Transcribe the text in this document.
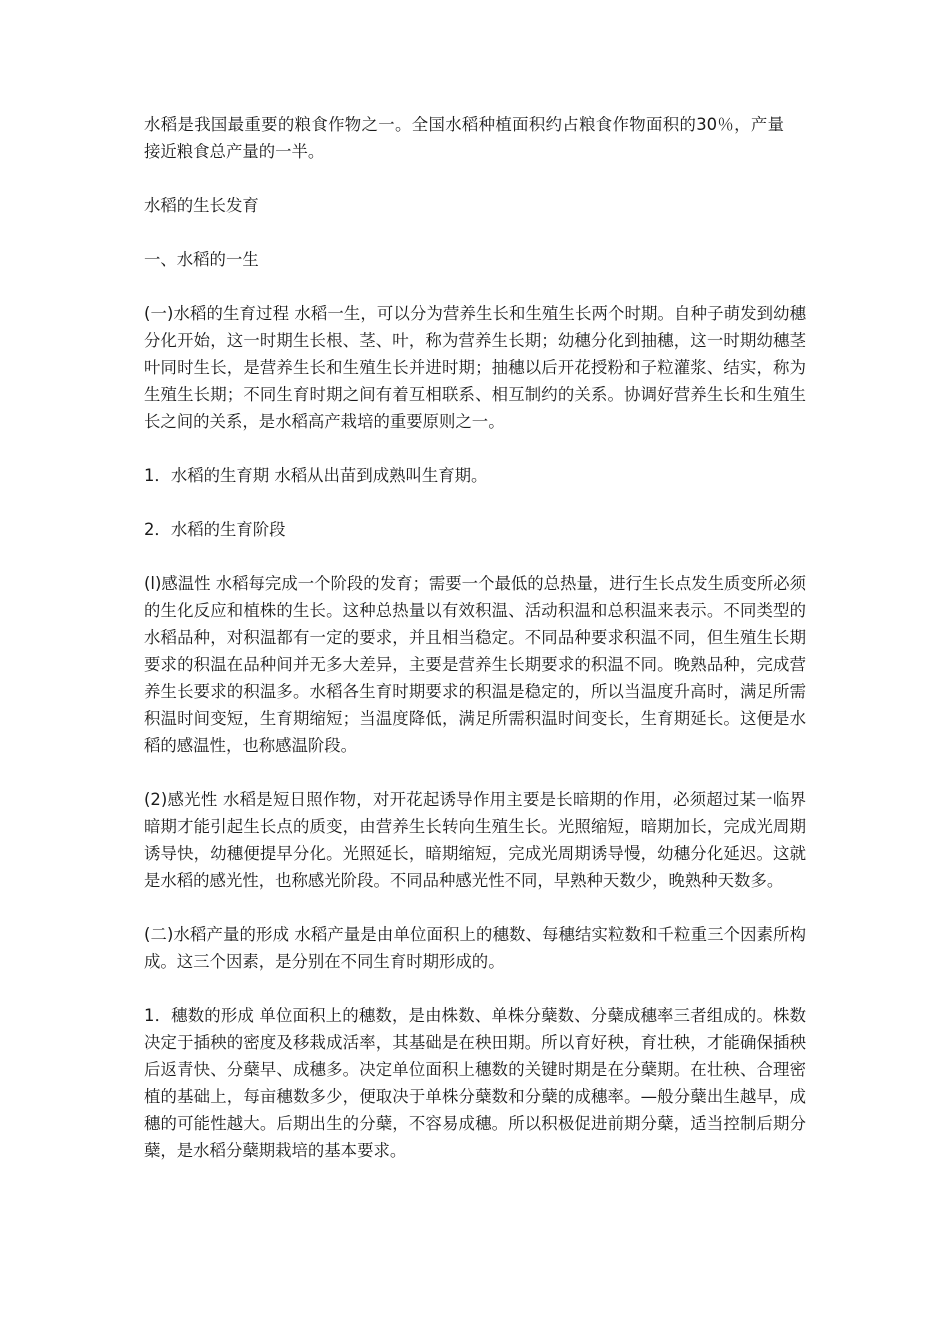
水稻是我国最重要的粮食作物之一。全国水稻种植面积约占粮食作物面积的30％，产量接近粮食总产量的一半。

水稻的生长发育

一、水稻的一生

(一)水稻的生育过程 水稻一生，可以分为营养生长和生殖生长两个时期。自种子萌发到幼穗分化开始，这一时期生长根、茎、叶，称为营养生长期；幼穗分化到抽穗，这一时期幼穗茎叶同时生长，是营养生长和生殖生长并进时期；抽穗以后开花授粉和子粒灌浆、结实，称为生殖生长期；不同生育时期之间有着互相联系、相互制约的关系。协调好营养生长和生殖生长之间的关系，是水稻高产栽培的重要原则之一。

1．水稻的生育期 水稻从出苗到成熟叫生育期。

2．水稻的生育阶段

(l)感温性 水稻每完成一个阶段的发育；需要一个最低的总热量，进行生长点发生质变所必须的生化反应和植株的生长。这种总热量以有效积温、活动积温和总积温来表示。不同类型的水稻品种，对积温都有一定的要求，并且相当稳定。不同品种要求积温不同，但生殖生长期要求的积温在品种间并无多大差异，主要是营养生长期要求的积温不同。晚熟品种，完成营养生长要求的积温多。水稻各生育时期要求的积温是稳定的，所以当温度升高时，满足所需积温时间变短，生育期缩短；当温度降低，满足所需积温时间变长，生育期延长。这便是水稻的感温性，也称感温阶段。

(2)感光性 水稻是短日照作物，对开花起诱导作用主要是长暗期的作用，必须超过某一临界暗期才能引起生长点的质变，由营养生长转向生殖生长。光照缩短，暗期加长，完成光周期诱导快，幼穗便提早分化。光照延长，暗期缩短，完成光周期诱导慢，幼穗分化延迟。这就是水稻的感光性，也称感光阶段。不同品种感光性不同，早熟种天数少，晚熟种天数多。

(二)水稻产量的形成 水稻产量是由单位面积上的穗数、每穗结实粒数和千粒重三个因素所构成。这三个因素，是分别在不同生育时期形成的。

1．穗数的形成 单位面积上的穗数，是由株数、单株分蘖数、分蘖成穗率三者组成的。株数决定于插秧的密度及移栽成活率，其基础是在秧田期。所以育好秧，育壮秧，才能确保插秧后返青快、分蘖早、成穗多。决定单位面积上穗数的关键时期是在分蘖期。在壮秧、合理密植的基础上，每亩穗数多少，便取决于单株分蘖数和分蘖的成穗率。—般分蘖出生越早，成穗的可能性越大。后期出生的分蘖，不容易成穗。所以积极促进前期分蘖，适当控制后期分蘖，是水稻分蘖期栽培的基本要求。
